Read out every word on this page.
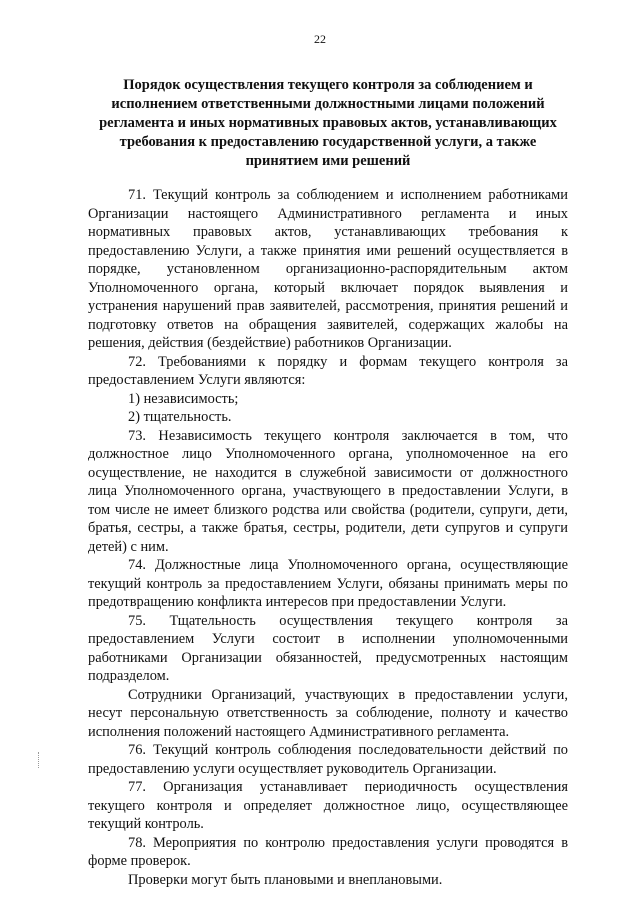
22
Порядок осуществления текущего контроля за соблюдением и исполнением ответственными должностными лицами положений регламента и иных нормативных правовых актов, устанавливающих требования к предоставлению государственной услуги, а также принятием ими решений

71. Текущий контроль за соблюдением и исполнением работниками Организации настоящего Административного регламента и иных нормативных правовых актов, устанавливающих требования к предоставлению Услуги, а также принятия ими решений осуществляется в порядке, установленном организационно-распорядительным актом Уполномоченного органа, который включает порядок выявления и устранения нарушений прав заявителей, рассмотрения, принятия решений и подготовку ответов на обращения заявителей, содержащих жалобы на решения, действия (бездействие) работников Организации.

72. Требованиями к порядку и формам текущего контроля за предоставлением Услуги являются:

1) независимость;

2) тщательность.

73. Независимость текущего контроля заключается в том, что должностное лицо Уполномоченного органа, уполномоченное на его осуществление, не находится в служебной зависимости от должностного лица Уполномоченного органа, участвующего в предоставлении Услуги, в том числе не имеет близкого родства или свойства (родители, супруги, дети, братья, сестры, а также братья, сестры, родители, дети супругов и супруги детей) с ним.

74. Должностные лица Уполномоченного органа, осуществляющие текущий контроль за предоставлением Услуги, обязаны принимать меры по предотвращению конфликта интересов при предоставлении Услуги.

75. Тщательность осуществления текущего контроля за предоставлением Услуги состоит в исполнении уполномоченными работниками Организации обязанностей, предусмотренных настоящим подразделом.

Сотрудники Организаций, участвующих в предоставлении услуги, несут персональную ответственность за соблюдение, полноту и качество исполнения положений настоящего Административного регламента.

76. Текущий контроль соблюдения последовательности действий по предоставлению услуги осуществляет руководитель Организации.

77. Организация устанавливает периодичность осуществления текущего контроля и определяет должностное лицо, осуществляющее текущий контроль.

78. Мероприятия по контролю предоставления услуги проводятся в форме проверок.

Проверки могут быть плановыми и внеплановыми.
